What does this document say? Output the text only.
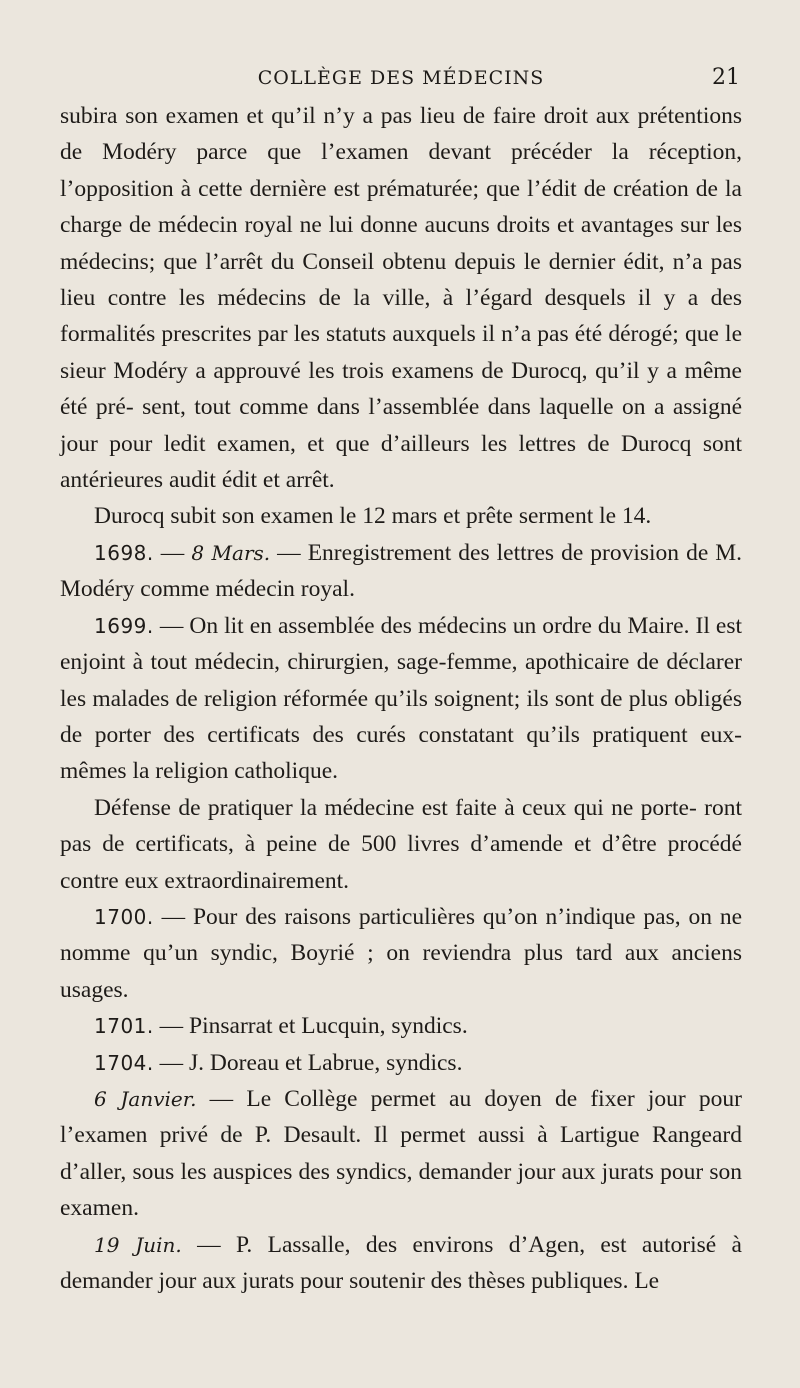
COLLÈGE DES MÉDECINS	21

subira son examen et qu’il n’y a pas lieu de faire droit aux prétentions de Modéry parce que l’examen devant précéder la réception, l’opposition à cette dernière est prématurée; que l’édit de création de la charge de médecin royal ne lui donne aucuns droits et avantages sur les médecins; que l’arrêt du Conseil obtenu depuis le dernier édit, n’a pas lieu contre les médecins de la ville, à l’égard desquels il y a des formalités prescrites par les statuts auxquels il n’a pas été dérogé; que le sieur Modéry a approuvé les trois examens de Durocq, qu’il y a même été pré- sent, tout comme dans l’assemblée dans laquelle on a assigné jour pour ledit examen, et que d’ailleurs les lettres de Durocq sont antérieures audit édit et arrêt.

Durocq subit son examen le 12 mars et prête serment le 14.

1698. — 8 Mars. — Enregistrement des lettres de provision de M. Modéry comme médecin royal.

1699. — On lit en assemblée des médecins un ordre du Maire. Il est enjoint à tout médecin, chirurgien, sage-femme, apothicaire de déclarer les malades de religion réformée qu’ils soignent; ils sont de plus obligés de porter des certificats des curés constatant qu’ils pratiquent eux-mêmes la religion catholique.

Défense de pratiquer la médecine est faite à ceux qui ne porte- ront pas de certificats, à peine de 500 livres d’amende et d’être procédé contre eux extraordinairement.

1700. — Pour des raisons particulières qu’on n’indique pas, on ne nomme qu’un syndic, Boyrié ; on reviendra plus tard aux anciens usages.

1701. — Pinsarrat et Lucquin, syndics.

1704. — J. Doreau et Labrue, syndics.

6 Janvier. — Le Collège permet au doyen de fixer jour pour l’examen privé de P. Desault. Il permet aussi à Lartigue Rangeard d’aller, sous les auspices des syndics, demander jour aux jurats pour son examen.

19 Juin. — P. Lassalle, des environs d’Agen, est autorisé à demander jour aux jurats pour soutenir des thèses publiques. Le
